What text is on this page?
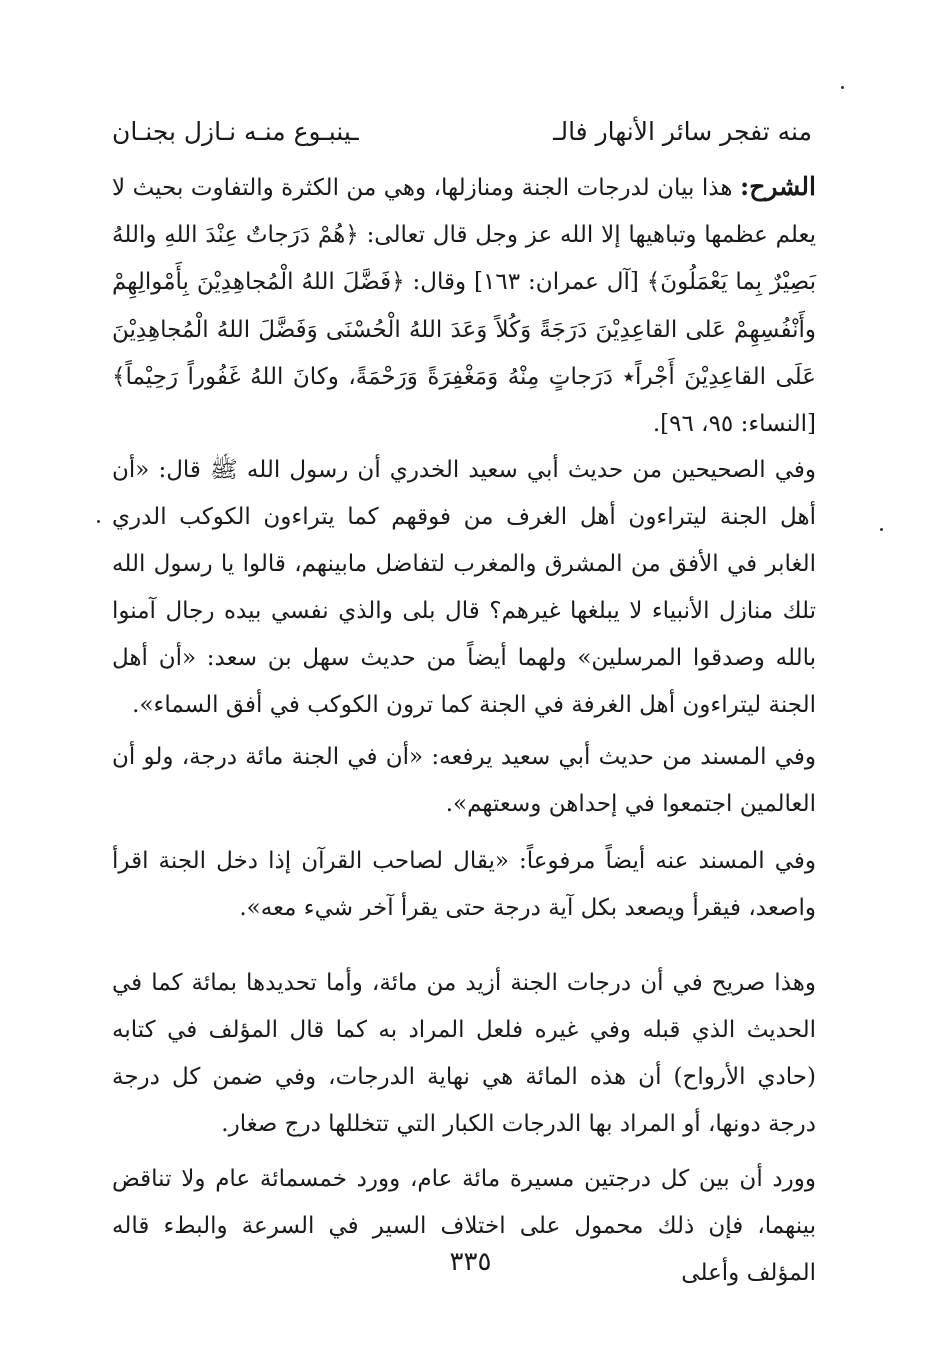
منه تفجر سائر الأنهار فالـ
ـينبـوع منـه نـازل بجنـان

الشرح: هذا بيان لدرجات الجنة ومنازلها، وهي من الكثرة والتفاوت بحيث لا يعلم عظمها وتباهيها إلا الله عز وجل قال تعالى: ﴿هُمْ دَرَجاتٌ عِنْدَ اللهِ واللهُ بَصِيْرٌ بِما يَعْمَلُونَ﴾ [آل عمران: ١٦٣] وقال: ﴿فَضَّلَ اللهُ الْمُجاهِدِيْنَ بِأَمْوالِهِمْ وأَنْفُسِهِمْ عَلى القاعِدِيْنَ دَرَجَةً وَكُلاً وَعَدَ اللهُ الْحُسْنَى وَفَضَّلَ اللهُ الْمُجاهِدِيْنَ عَلَى القاعِدِيْنَ أَجْراً٭ دَرَجاتٍ مِنْهُ وَمَغْفِرَةً وَرَحْمَةً، وكانَ اللهُ غَفُوراً رَحِيْماً﴾ [النساء: ٩٥، ٩٦].

وفي الصحيحين من حديث أبي سعيد الخدري أن رسول الله ﷺ قال: «أن أهل الجنة ليتراءون أهل الغرف من فوقهم كما يتراءون الكوكب الدري الغابر في الأفق من المشرق والمغرب لتفاضل مابينهم، قالوا يا رسول الله تلك منازل الأنبياء لا يبلغها غيرهم؟ قال بلى والذي نفسي بيده رجال آمنوا بالله وصدقوا المرسلين» ولهما أيضاً من حديث سهل بن سعد: «أن أهل الجنة ليتراءون أهل الغرفة في الجنة كما ترون الكوكب في أفق السماء».

وفي المسند من حديث أبي سعيد يرفعه: «أن في الجنة مائة درجة، ولو أن العالمين اجتمعوا في إحداهن وسعتهم».

وفي المسند عنه أيضاً مرفوعاً: «يقال لصاحب القرآن إذا دخل الجنة اقرأ واصعد، فيقرأ ويصعد بكل آية درجة حتى يقرأ آخر شيء معه».

وهذا صريح في أن درجات الجنة أزيد من مائة، وأما تحديدها بمائة كما في الحديث الذي قبله وفي غيره فلعل المراد به كما قال المؤلف في كتابه (حادي الأرواح) أن هذه المائة هي نهاية الدرجات، وفي ضمن كل درجة درجة دونها، أو المراد بها الدرجات الكبار التي تتخللها درج صغار.

وورد أن بين كل درجتين مسيرة مائة عام، وورد خمسمائة عام ولا تناقض بينهما، فإن ذلك محمول على اختلاف السير في السرعة والبطء قاله المؤلف وأعلى

٣٣٥
